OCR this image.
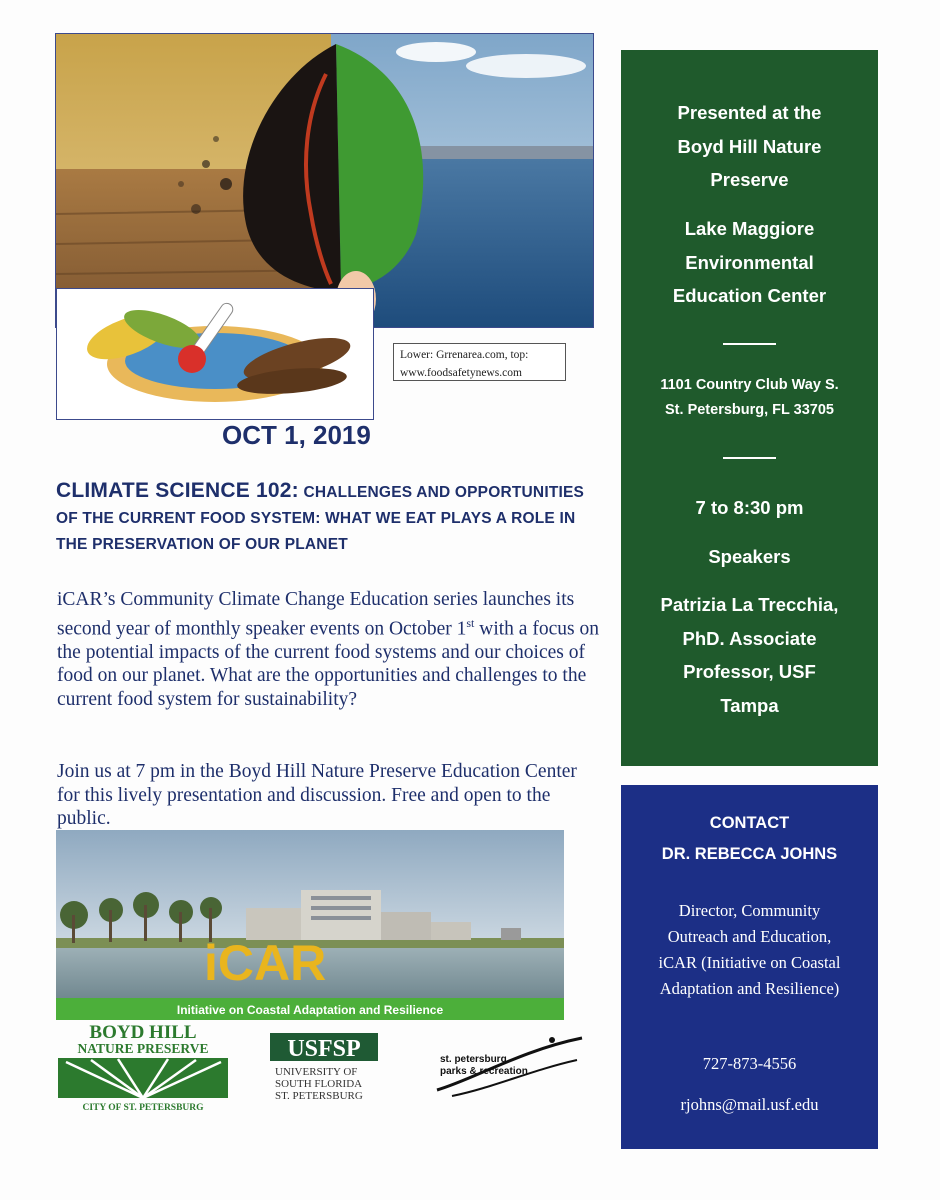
Lower: Grrenarea.com, top: www.foodsafetynews.com
OCT 1, 2019
CLIMATE SCIENCE 102: CHALLENGES AND OPPORTUNITIES OF THE CURRENT FOOD SYSTEM: WHAT WE EAT PLAYS A ROLE IN THE PRESERVATION OF OUR PLANET
iCAR’s Community Climate Change Education series launches its second year of monthly speaker events on October 1st with a focus on the potential impacts of the current food systems and our choices of food on our planet. What are the opportunities and challenges to the current food system for sustainability?
Join us at 7 pm in the Boyd Hill Nature Preserve Education Center for this lively presentation and discussion. Free and open to the public.
iCAR
Initiative on Coastal Adaptation and Resilience
BOYD HILL
NATURE PRESERVE
CITY OF ST. PETERSBURG
USFSP
UNIVERSITY OF
SOUTH FLORIDA
ST. PETERSBURG
st. petersburg
parks & recreation
Presented at the
Boyd Hill Nature
Preserve
Lake Maggiore
Environmental
Education Center
1101 Country Club Way S.
St. Petersburg, FL 33705
7 to 8:30 pm
Speakers
Patrizia La Trecchia,
PhD. Associate
Professor, USF
Tampa
CONTACT
DR. REBECCA JOHNS
Director, Community
Outreach and Education,
iCAR (Initiative on Coastal
Adaptation and Resilience)
727-873-4556
rjohns@mail.usf.edu
